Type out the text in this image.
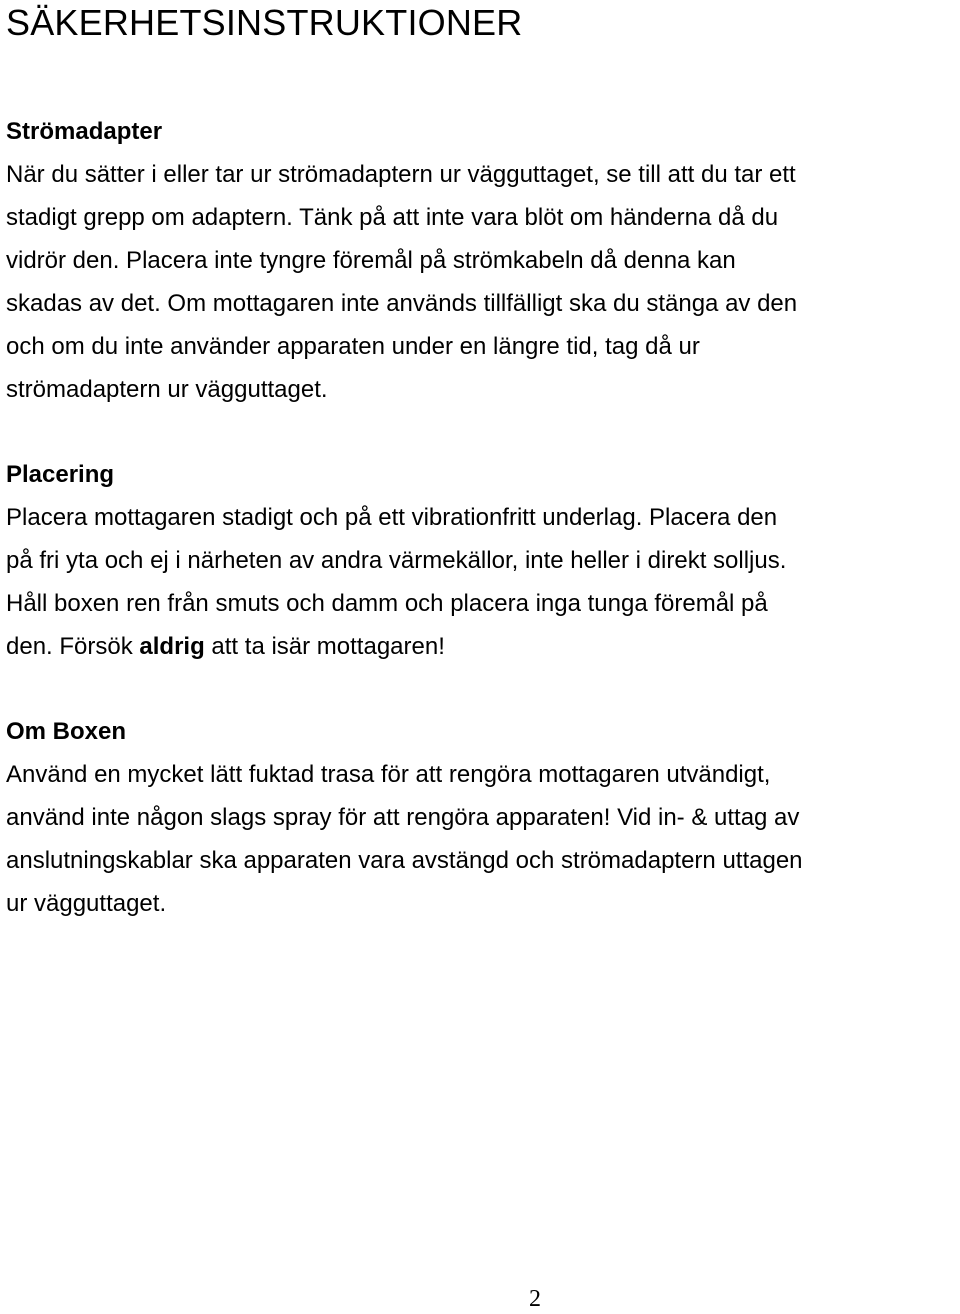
SÄKERHETSINSTRUKTIONER
Strömadapter

När du sätter i eller tar ur strömadaptern ur vägguttaget, se till att du tar ett
stadigt grepp om adaptern. Tänk på att inte vara blöt om händerna då du
vidrör den. Placera inte tyngre föremål på strömkabeln då denna kan
skadas av det. Om mottagaren inte används tillfälligt ska du stänga av den
och om du inte använder apparaten under en längre tid, tag då ur
strömadaptern ur vägguttaget.

Placering

Placera mottagaren stadigt och på ett vibrationfritt underlag. Placera den
på fri yta och ej i närheten av andra värmekällor, inte heller i direkt solljus.
Håll boxen ren från smuts och damm och placera inga tunga föremål på
den. Försök aldrig att ta isär mottagaren!

Om Boxen

Använd en mycket lätt fuktad trasa för att rengöra mottagaren utvändigt,
använd inte någon slags spray för att rengöra apparaten! Vid in- & uttag av
anslutningskablar ska apparaten vara avstängd och strömadaptern uttagen
ur vägguttaget.

2
